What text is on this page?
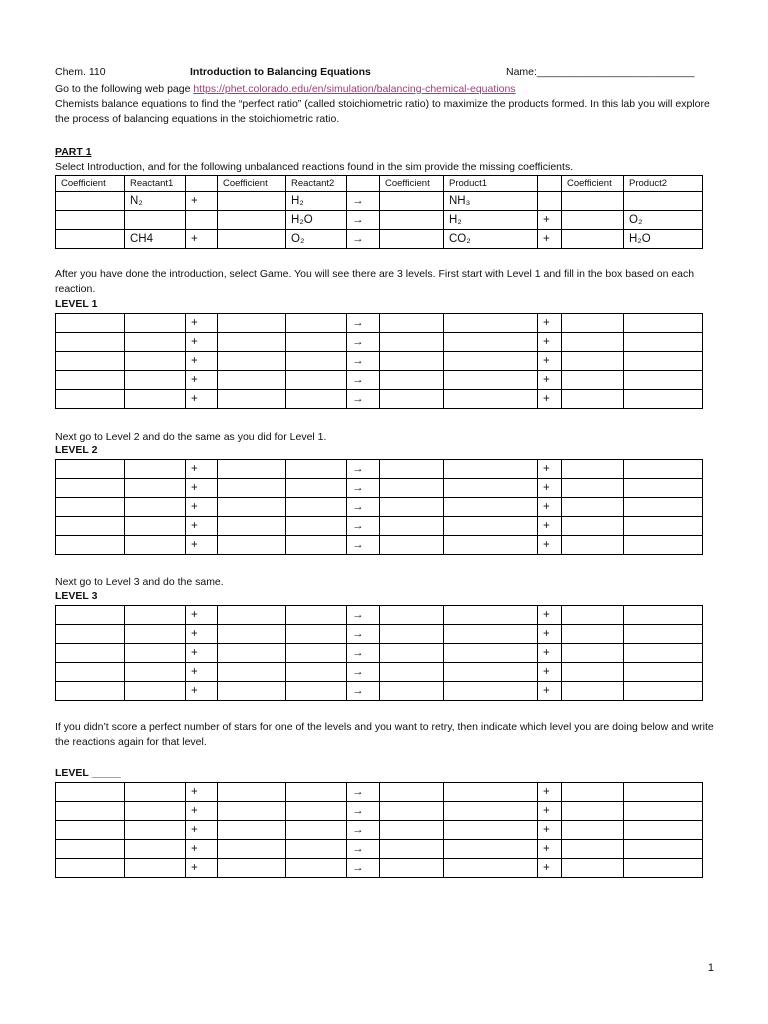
Chem. 110	Introduction to Balancing Equations	Name:___________________________
Go to the following web page https://phet.colorado.edu/en/simulation/balancing-chemical-equations
Chemists balance equations to find the “perfect ratio” (called stoichiometric ratio) to maximize the products formed. In this lab you will explore the process of balancing equations in the stoichiometric ratio.
PART 1
Select Introduction, and for the following unbalanced reactions found in the sim provide the missing coefficients.
Coefficient	Reactant1		Coefficient	Reactant2		Coefficient	Product1		Coefficient	Product2
	N₂	+		H₂	→		NH₃			
				H₂O	→		H₂	+		O₂
	CH4	+		O₂	→		CO₂	+		H₂O
After you have done the introduction, select Game. You will see there are 3 levels. First start with Level 1 and fill in the box based on each reaction.
LEVEL 1
		+			→			+		
		+			→			+		
		+			→			+		
		+			→			+		
		+			→			+		
Next go to Level 2 and do the same as you did for Level 1.
LEVEL 2
		+			→			+		
		+			→			+		
		+			→			+		
		+			→			+		
		+			→			+		
Next go to Level 3 and do the same.
LEVEL 3
		+			→			+		
		+			→			+		
		+			→			+		
		+			→			+		
		+			→			+		
If you didn’t score a perfect number of stars for one of the levels and you want to retry, then indicate which level you are doing below and write the reactions again for that level.
LEVEL _____
		+			→			+		
		+			→			+		
		+			→			+		
		+			→			+		
		+			→			+		
1
